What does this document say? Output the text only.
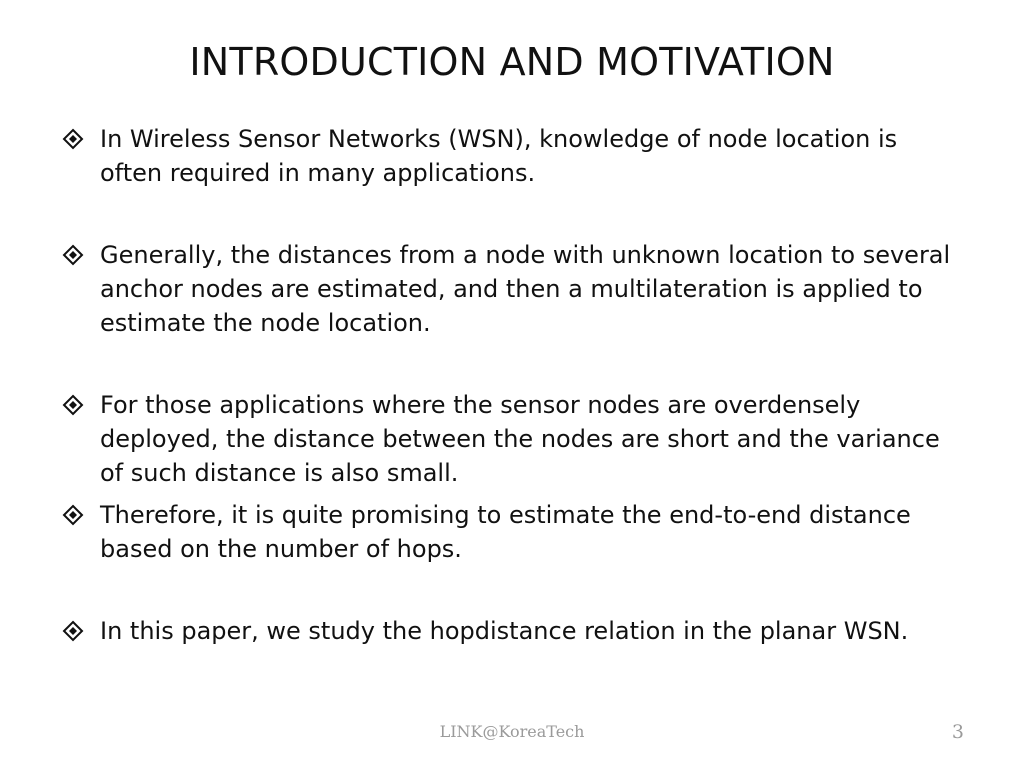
INTRODUCTION AND MOTIVATION
In Wireless Sensor Networks (WSN), knowledge of node location is often required in many applications.
Generally, the distances from a node with unknown location to several anchor nodes are estimated, and then a multilateration is applied to estimate the node location.
For those applications where the sensor nodes are overdensely deployed, the distance between the nodes are short and the variance of such distance is also small.
Therefore, it is quite promising to estimate the end-to-end distance based on the number of hops.
In this paper, we study the hopdistance relation in the planar WSN.
LINK@KoreaTech	3
